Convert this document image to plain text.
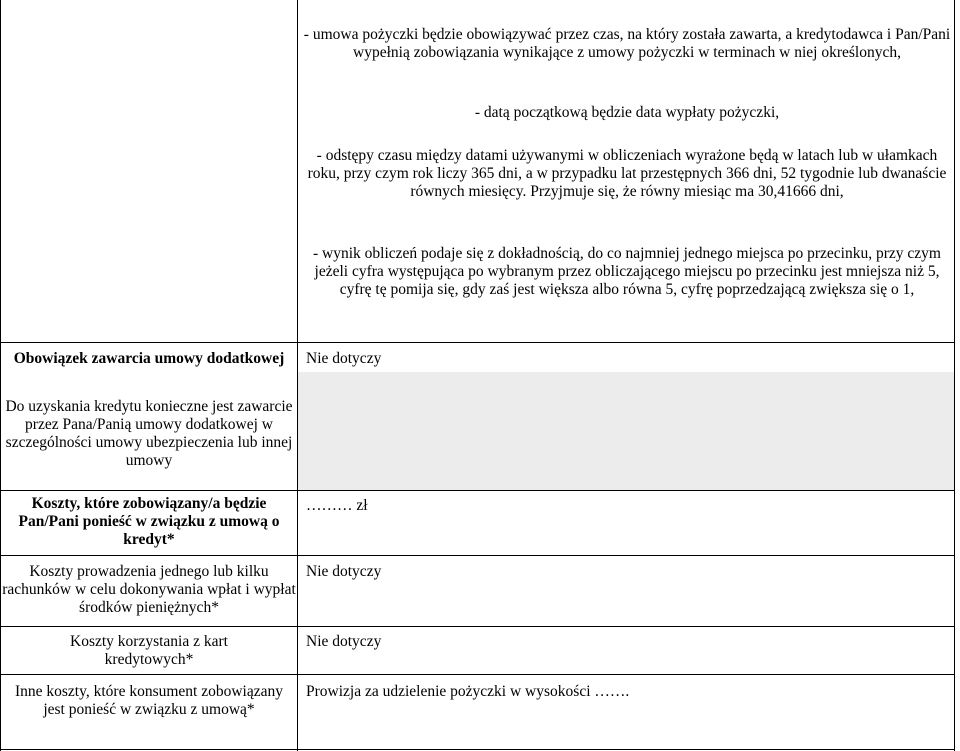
- umowa pożyczki będzie obowiązywać przez czas, na który została zawarta, a kredytodawca i Pan/Pani wypełnią zobowiązania wynikające z umowy pożyczki w terminach w niej określonych,
- datą początkową będzie data wypłaty pożyczki,
- odstępy czasu między datami używanymi w obliczeniach wyrażone będą w latach lub w ułamkach roku, przy czym rok liczy 365 dni, a w przypadku lat przestępnych 366 dni, 52 tygodnie lub dwanaście równych miesięcy. Przyjmuje się, że równy miesiąc ma 30,41666 dni,
- wynik obliczeń podaje się z dokładnością, do co najmniej jednego miejsca po przecinku, przy czym jeżeli cyfra występująca po wybranym przez obliczającego miejscu po przecinku jest mniejsza niż 5, cyfrę tę pomija się, gdy zaś jest większa albo równa 5, cyfrę poprzedzającą zwiększa się o 1,
Obowiązek zawarcia umowy dodatkowej
Do uzyskania kredytu konieczne jest zawarcie przez Pana/Panią umowy dodatkowej w szczególności umowy ubezpieczenia lub innej umowy
Nie dotyczy
Koszty, które zobowiązany/a będzie Pan/Pani ponieść w związku z umową o kredyt*
……… zł
Koszty prowadzenia jednego lub kilku rachunków w celu dokonywania wpłat i wypłat środków pieniężnych*
Nie dotyczy
Koszty korzystania z kart kredytowych*
Nie dotyczy
Inne koszty, które konsument zobowiązany jest ponieść w związku z umową*
Prowizja za udzielenie pożyczki w wysokości …….
